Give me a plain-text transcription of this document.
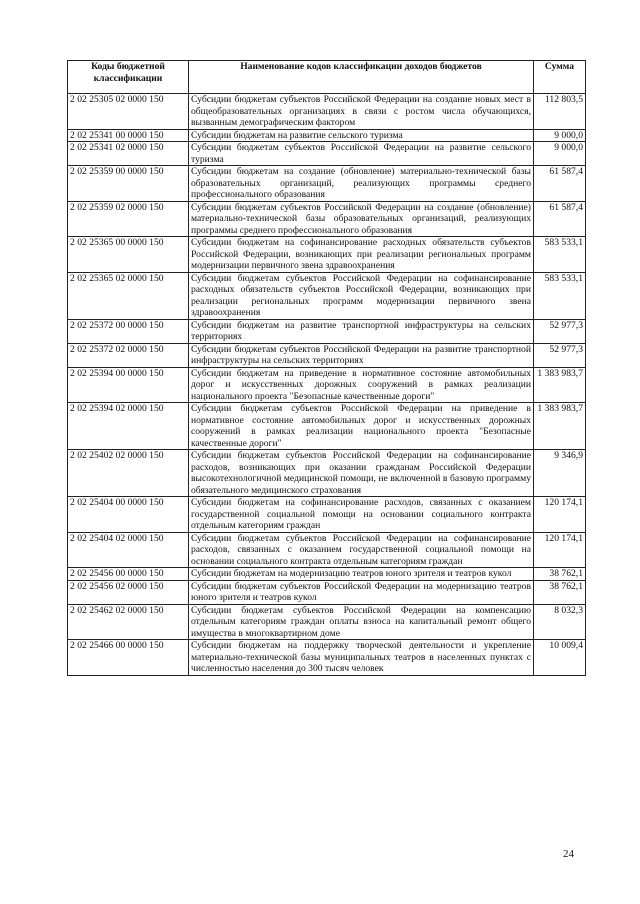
Коды бюджетной классификации	Наименование кодов классификации доходов бюджетов	Сумма
2 02 25305 02 0000 150	Субсидии бюджетам субъектов Российской Федерации на создание новых мест в общеобразовательных организациях в связи с ростом числа обучающихся, вызванным демографическим фактором	112 803,5
2 02 25341 00 0000 150	Субсидии бюджетам на развитие сельского туризма	9 000,0
2 02 25341 02 0000 150	Субсидии бюджетам субъектов Российской Федерации на развитие сельского туризма	9 000,0
2 02 25359 00 0000 150	Субсидии бюджетам на создание (обновление) материально-технической базы образовательных организаций, реализующих программы среднего профессионального образования	61 587,4
2 02 25359 02 0000 150	Субсидии бюджетам субъектов Российской Федерации на создание (обновление) материально-технической базы образовательных организаций, реализующих программы среднего профессионального образования	61 587,4
2 02 25365 00 0000 150	Субсидии бюджетам на софинансирование расходных обязательств субъектов Российской Федерации, возникающих при реализации региональных программ модернизации первичного звена здравоохранения	583 533,1
2 02 25365 02 0000 150	Субсидии бюджетам субъектов Российской Федерации на софинансирование расходных обязательств субъектов Российской Федерации, возникающих при реализации региональных программ модернизации первичного звена здравоохранения	583 533,1
2 02 25372 00 0000 150	Субсидии бюджетам на развитие транспортной инфраструктуры на сельских территориях	52 977,3
2 02 25372 02 0000 150	Субсидии бюджетам субъектов Российской Федерации на развитие транспортной инфраструктуры на сельских территориях	52 977,3
2 02 25394 00 0000 150	Субсидии бюджетам на приведение в нормативное состояние автомобильных дорог и искусственных дорожных сооружений в рамках реализации национального проекта "Безопасные качественные дороги"	1 383 983,7
2 02 25394 02 0000 150	Субсидии бюджетам субъектов Российской Федерации на приведение в нормативное состояние автомобильных дорог и искусственных дорожных сооружений в рамках реализации национального проекта "Безопасные качественные дороги"	1 383 983,7
2 02 25402 02 0000 150	Субсидии бюджетам субъектов Российской Федерации на софинансирование расходов, возникающих при оказании гражданам Российской Федерации высокотехнологичной медицинской помощи, не включенной в базовую программу обязательного медицинского страхования	9 346,9
2 02 25404 00 0000 150	Субсидии бюджетам на софинансирование расходов, связанных с оказанием государственной социальной помощи на основании социального контракта отдельным категориям граждан	120 174,1
2 02 25404 02 0000 150	Субсидии бюджетам субъектов Российской Федерации на софинансирование расходов, связанных с оказанием государственной социальной помощи на основании социального контракта отдельным категориям граждан	120 174,1
2 02 25456 00 0000 150	Субсидии бюджетам на модернизацию театров юного зрителя и театров кукол	38 762,1
2 02 25456 02 0000 150	Субсидии бюджетам субъектов Российской Федерации на модернизацию театров юного зрителя и театров кукол	38 762,1
2 02 25462 02 0000 150	Субсидии бюджетам субъектов Российской Федерации на компенсацию отдельным категориям граждан оплаты взноса на капитальный ремонт общего имущества в многоквартирном доме	8 032,3
2 02 25466 00 0000 150	Субсидии бюджетам на поддержку творческой деятельности и укрепление материально-технической базы муниципальных театров в населенных пунктах с численностью населения до 300 тысяч человек	10 009,4
24
